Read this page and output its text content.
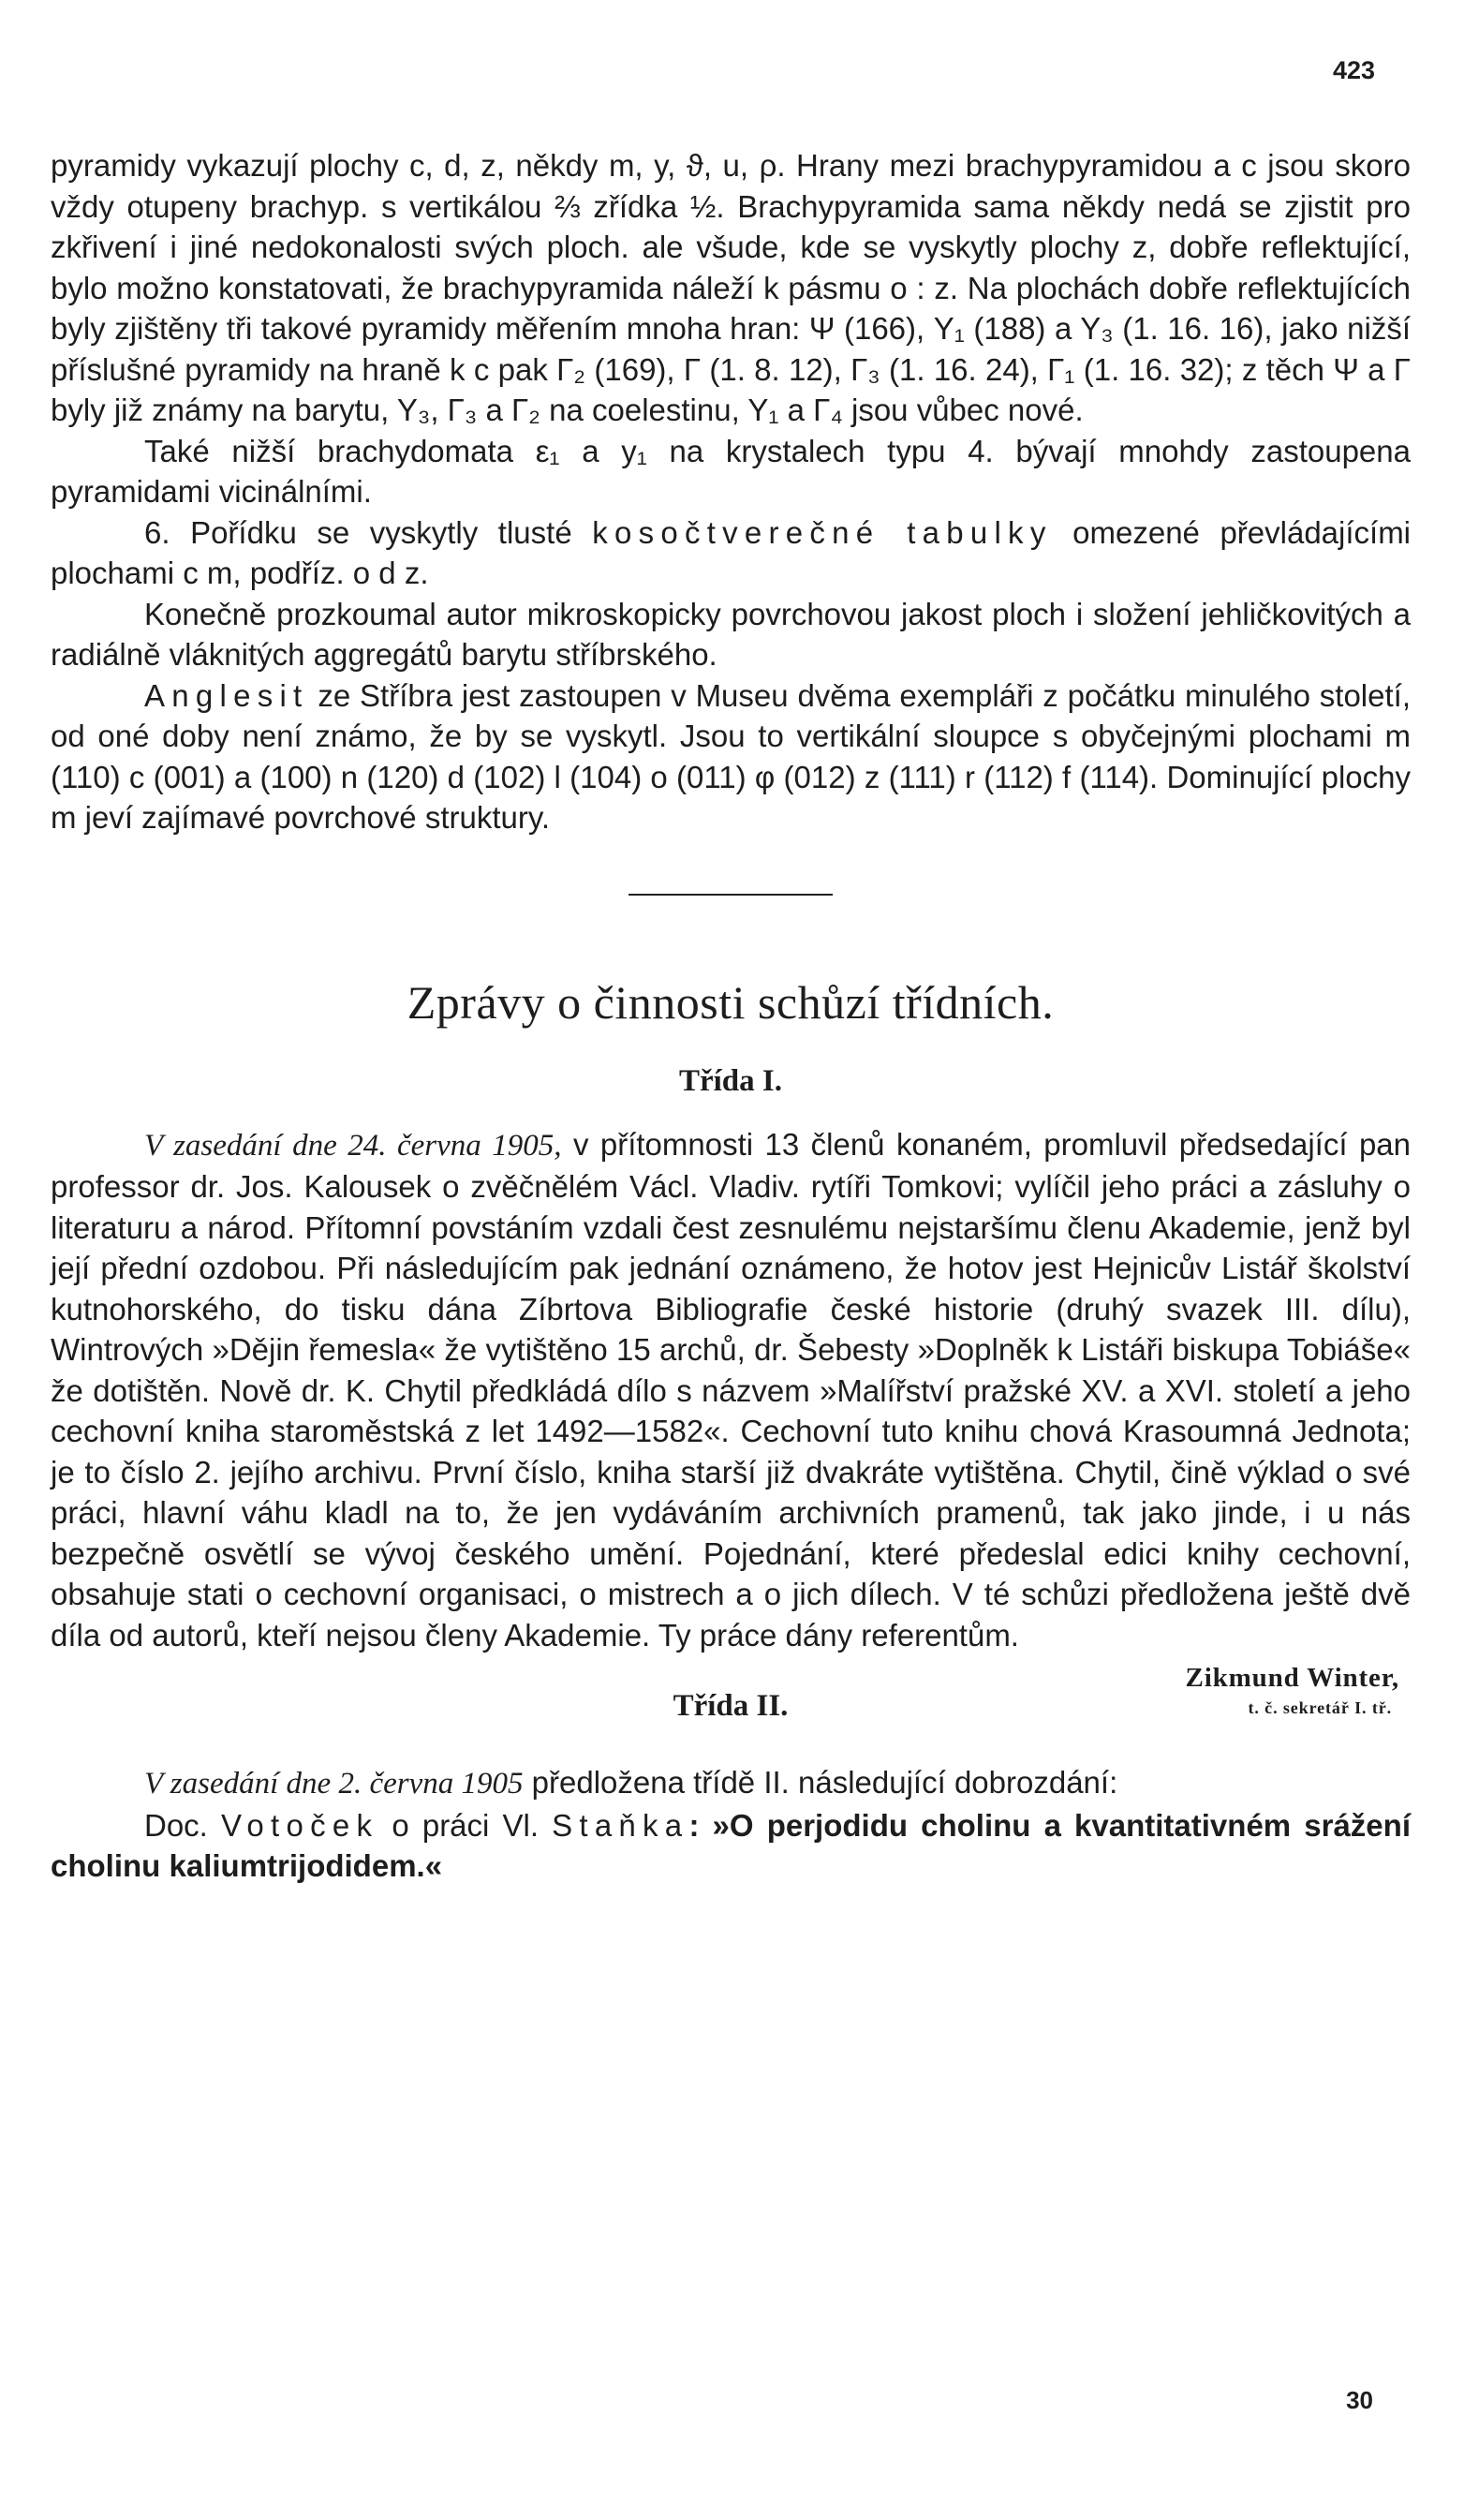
423

pyramidy vykazují plochy c, d, z, někdy m, y, ϑ, u, ρ. Hrany mezi brachypyramidou a c jsou skoro vždy otupeny brachyp. s vertikálou ⅔ zřídka ½. Brachypyramida sama někdy nedá se zjistit pro zkřivení i jiné nedokonalosti svých ploch. ale všude, kde se vyskytly plochy z, dobře reflektující, bylo možno konstatovati, že brachypyramida náleží k pásmu o : z. Na plochách dobře reflektujících byly zjištěny tři takové pyramidy měřením mnoha hran: Ψ (166), Y₁ (188) a Y₃ (1. 16. 16), jako nižší příslušné pyramidy na hraně k c pak Γ₂ (169), Γ (1. 8. 12), Γ₃ (1. 16. 24), Γ₁ (1. 16. 32); z těch Ψ a Γ byly již známy na barytu, Y₃, Γ₃ a Γ₂ na coelestinu, Y₁ a Γ₄ jsou vůbec nové.

Také nižší brachydomata ε₁ a y₁ na krystalech typu 4. bývají mnohdy zastoupena pyramidami vicinálními.

6. Pořídku se vyskytly tlusté kosočtverečné tabulky omezené převládajícími plochami c m, podříz. o d z.

Konečně prozkoumal autor mikroskopicky povrchovou jakost ploch i složení jehličkovitých a radiálně vláknitých aggregátů barytu stříbrského.

Anglesit ze Stříbra jest zastoupen v Museu dvěma exempláři z počátku minulého století, od oné doby není známo, že by se vyskytl. Jsou to vertikální sloupce s obyčejnými plochami m (110) c (001) a (100) n (120) d (102) l (104) o (011) φ (012) z (111) r (112) f (114). Dominující plochy m jeví zajímavé povrchové struktury.

Zprávy o činnosti schůzí třídních.
Třída I.

V zasedání dne 24. června 1905, v přítomnosti 13 členů konaném, promluvil předsedající pan professor dr. Jos. Kalousek o zvěčnělém Václ. Vladiv. rytíři Tomkovi; vylíčil jeho práci a zásluhy o literaturu a národ. Přítomní povstáním vzdali čest zesnulému nejstaršímu členu Akademie, jenž byl její přední ozdobou. Při následujícím pak jednání oznámeno, že hotov jest Hejnicův Listář školství kutnohorského, do tisku dána Zíbrtova Bibliografie české historie (druhý svazek III. dílu), Wintrových »Dějin řemesla« že vytištěno 15 archů, dr. Šebesty »Doplněk k Listáři biskupa Tobiáše« že dotištěn. Nově dr. K. Chytil předkládá dílo s názvem »Malířství pražské XV. a XVI. století a jeho cechovní kniha staroměstská z let 1492—1582«. Cechovní tuto knihu chová Krasoumná Jednota; je to číslo 2. jejího archivu. První číslo, kniha starší již dvakráte vytištěna. Chytil, čině výklad o své práci, hlavní váhu kladl na to, že jen vydáváním archivních pramenů, tak jako jinde, i u nás bezpečně osvětlí se vývoj českého umění. Pojednání, které předeslal edici knihy cechovní, obsahuje stati o cechovní organisaci, o mistrech a o jich dílech. V té schůzi předložena ještě dvě díla od autorů, kteří nejsou členy Akademie. Ty práce dány referentům.

Zikmund Winter,
t. č. sekretář I. tř.
Třída II.

V zasedání dne 2. června 1905 předložena třídě II. následující dobrozdání:

Doc. Votoček o práci Vl. Staňka: »O perjodidu cholinu a kvantitativném srážení cholinu kaliumtrijodidem.«

30
